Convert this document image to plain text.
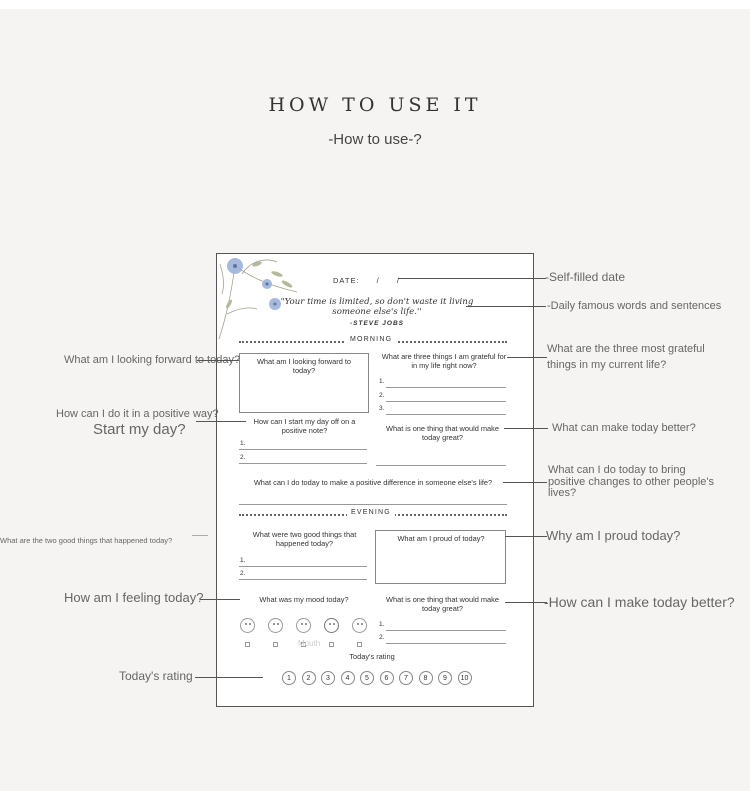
HOW TO USE IT
-How to use-?
DATE: / /
"Your time is limited, so don't waste it living someone else's life.''
-STEVE JOBS
MORNING
What am I looking forward to today?
What are three things I am grateful for in my life right now?
1.
2.
3.
How can I start my day off on a positive note?
1.
2.
What is one thing that would make today great?
What can I do today to make a positive difference in someone else's life?
EVENING
What were two good things that happened today?
1.
2.
What am I proud of today?
What was my mood today?
Mouth
What is one thing that would make today great?
1.
2.
Today's rating
1	2	3	4	5	6	7	8	9	10
-Self-filled date
-Daily famous words and sentences
What are the three most grateful things in my current life?
What can make today better?
What can I do today to bring positive changes to other people's lives?
Why am I proud today?
-How can I make today better?
What am I looking forward to today?
How can I do it in a positive way?
Start my day?
What are the two good things that happened today?
How am I feeling today?
Today's rating
